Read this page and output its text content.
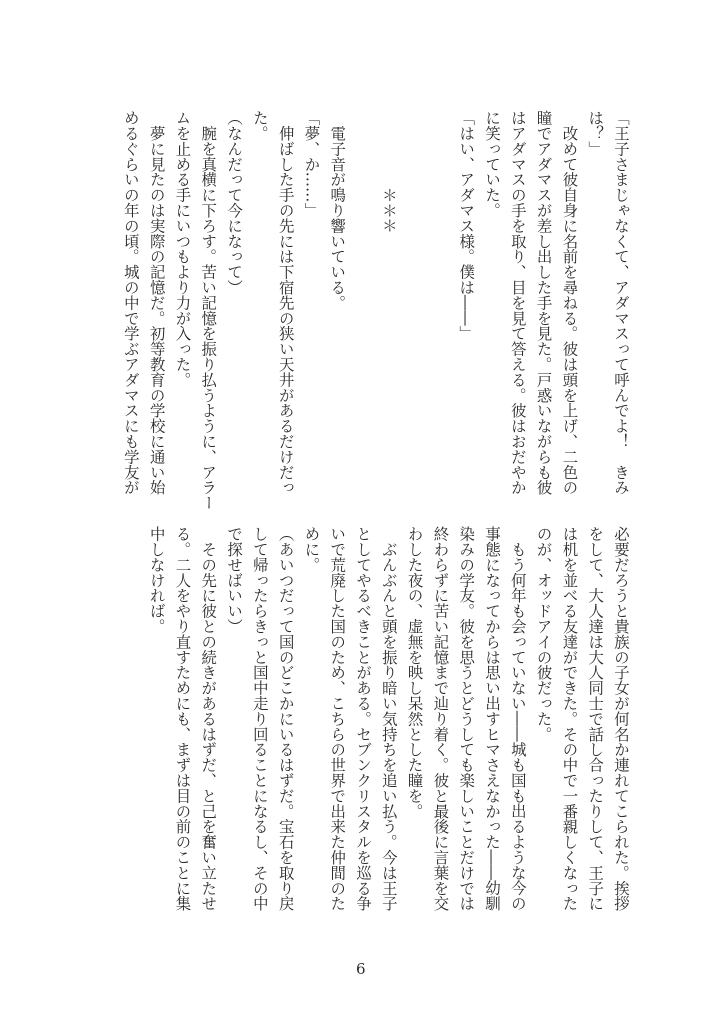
「王子さまじゃなくて、アダマスって呼んでよ！　きみ
は？」
　改めて彼自身に名前を尋ねる。彼は頭を上げ、二色の
瞳でアダマスが差し出した手を見た。戸惑いながらも彼
はアダマスの手を取り、目を見て答える。彼はおだやか
に笑っていた。
「はい、アダマス様。僕は――」
　　　　　＊＊＊
　電子音が鳴り響いている。
「夢、か……」
　伸ばした手の先には下宿先の狭い天井があるだけだっ
た。
（なんだって今になって）
　腕を真横に下ろす。苦い記憶を振り払うように、アラー
ムを止める手にいつもより力が入った。
　夢に見たのは実際の記憶だ。初等教育の学校に通い始
めるぐらいの年の頃。城の中で学ぶアダマスにも学友が
必要だろうと貴族の子女が何名か連れてこられた。挨拶
をして、大人達は大人同士で話し合ったりして、王子に
は机を並べる友達ができた。その中で一番親しくなった
のが、オッドアイの彼だった。
　もう何年も会っていない――城も国も出るような今の
事態になってからは思い出すヒマさえなかった――幼馴
染みの学友。彼を思うとどうしても楽しいことだけでは
終わらずに苦い記憶まで辿り着く。彼と最後に言葉を交
わした夜の、虚無を映し呆然とした瞳を。
　ぶんぶんと頭を振り暗い気持ちを追い払う。今は王子
としてやるべきことがある。セブンクリスタルを巡る争
いで荒廃した国のため、こちらの世界で出来た仲間のた
めに。
（あいつだって国のどこかにいるはずだ。宝石を取り戻
して帰ったらきっと国中走り回ることになるし、その中
で探せばいい）
　その先に彼との続きがあるはずだ、と己を奮い立たせ
る。二人をやり直すためにも、まずは目の前のことに集
中しなければ。
6
